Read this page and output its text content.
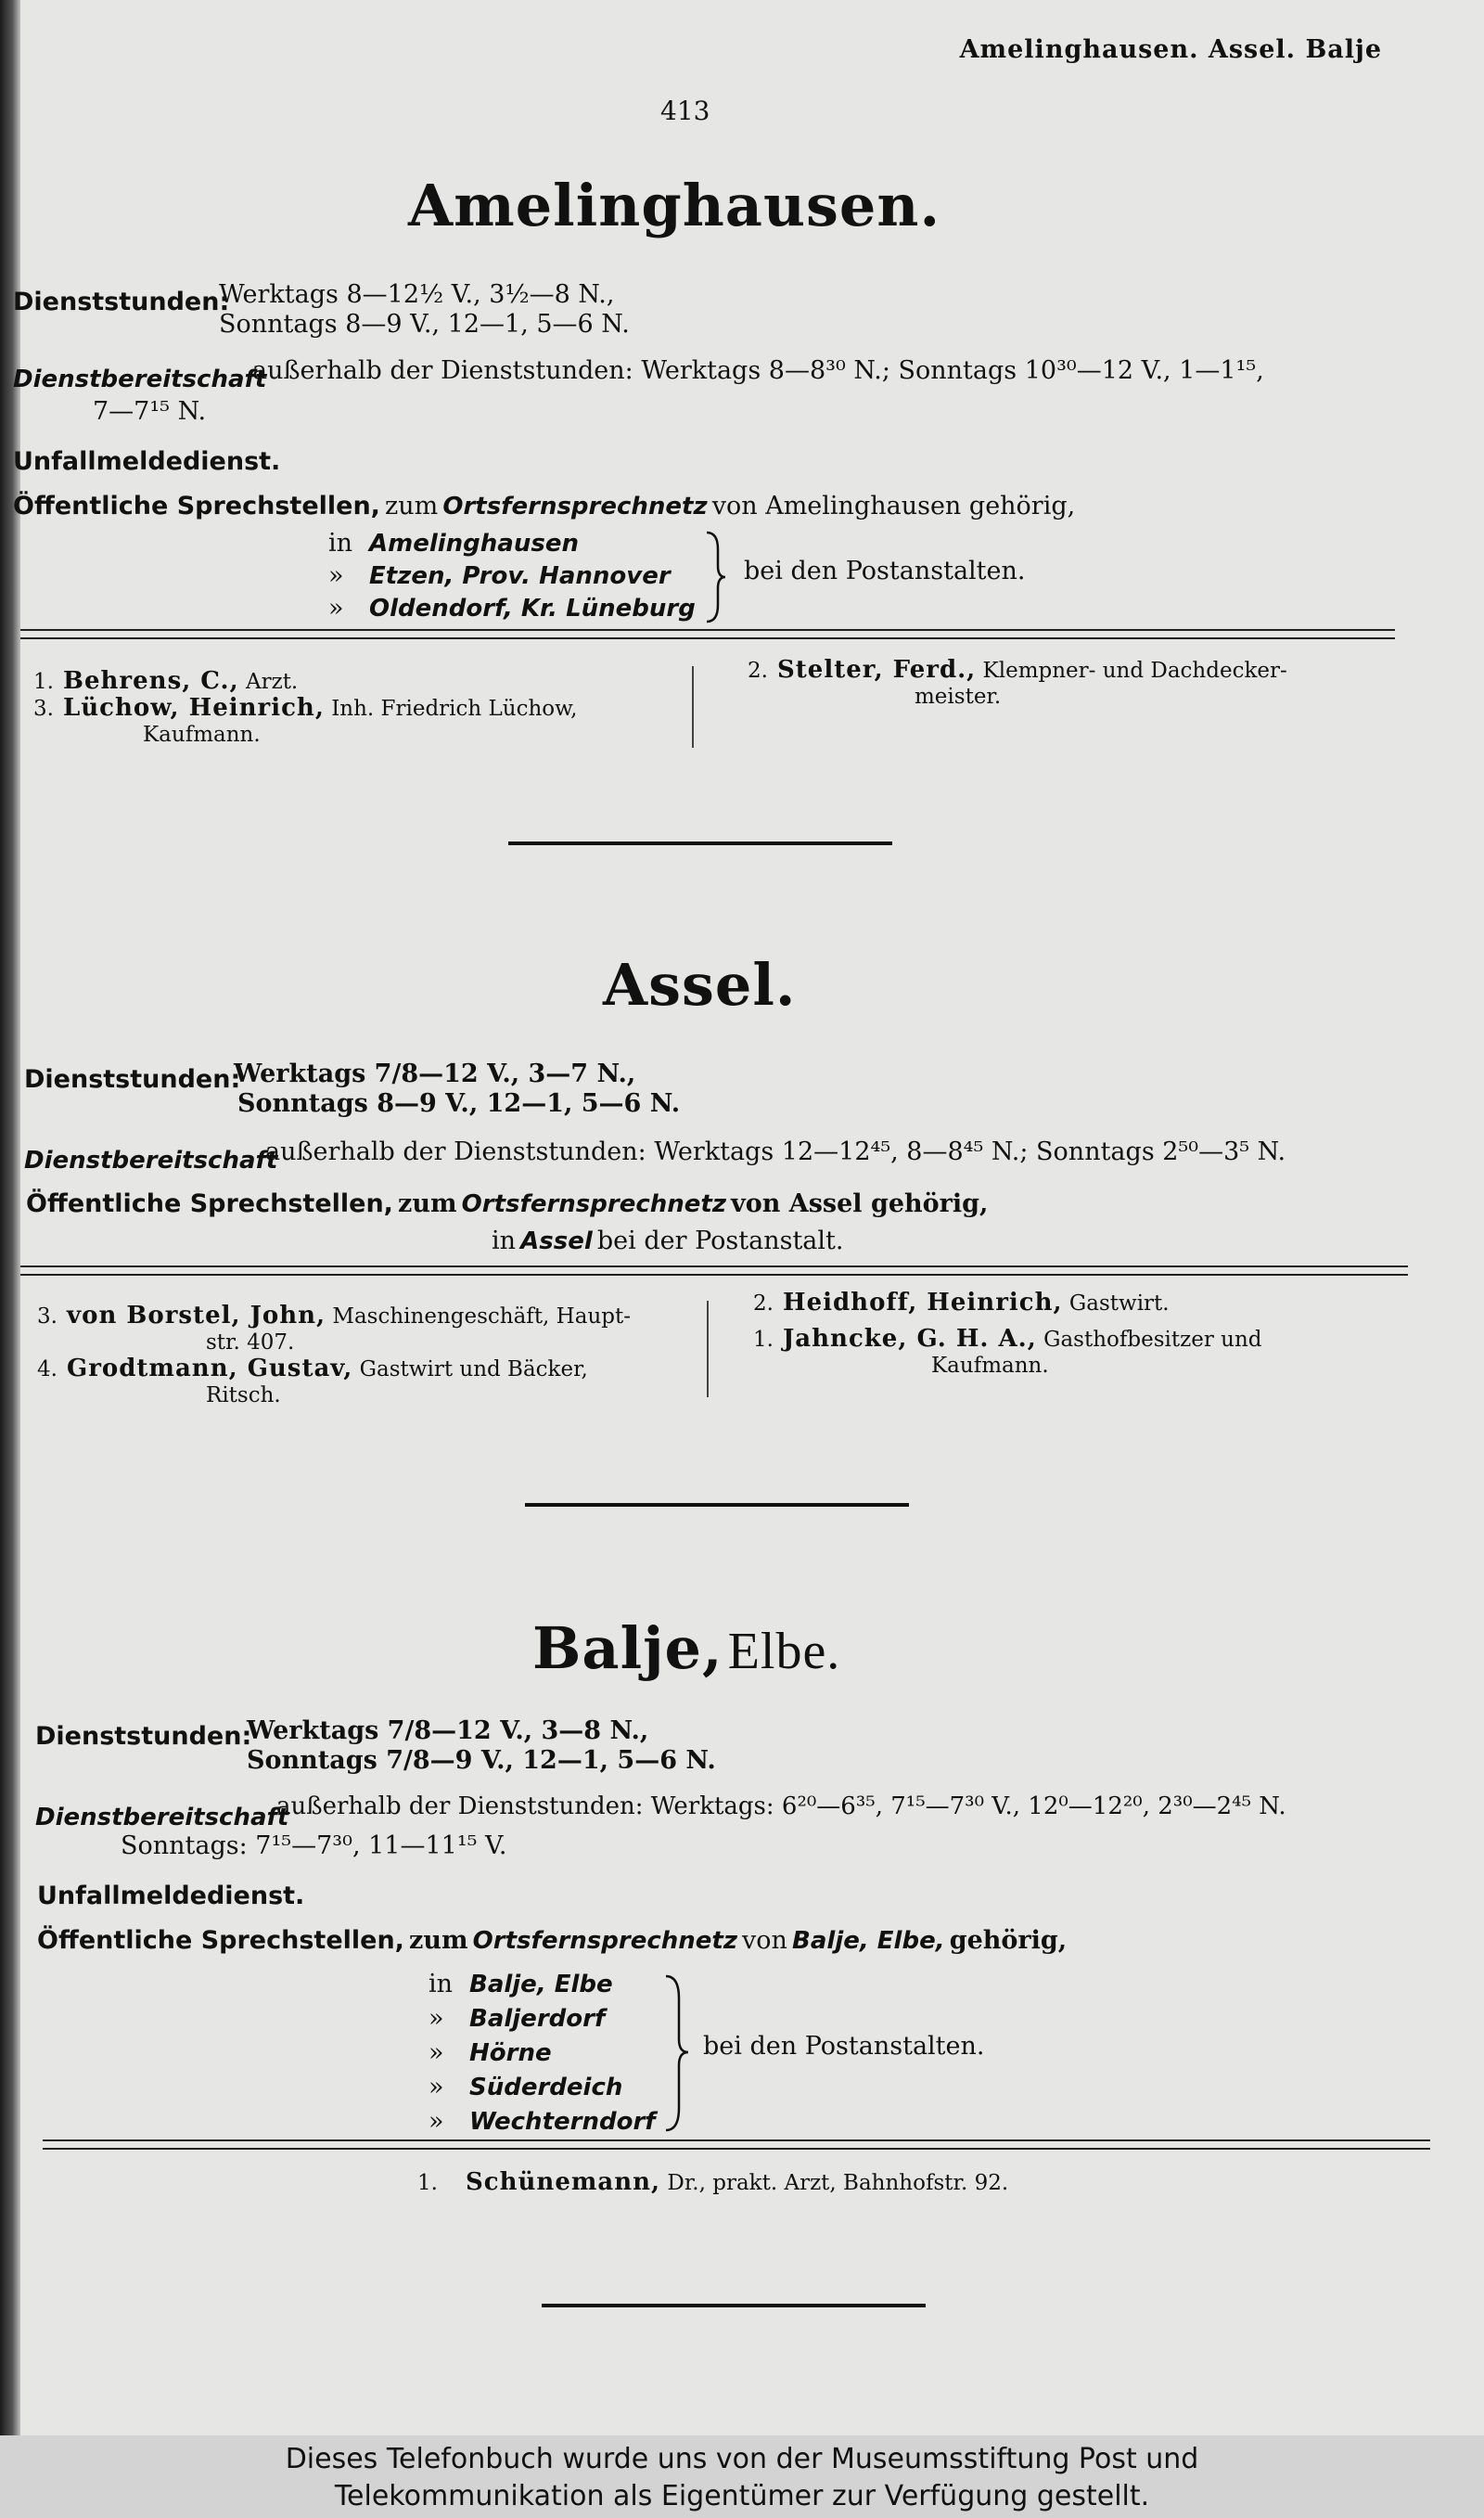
Amelinghausen. Assel. Balje
413
Amelinghausen.
Dienststunden:
Werktags 8—12½ V., 3½—8 N.,
Sonntags 8—9 V., 12—1, 5—6 N.
Dienstbereitschaft
außerhalb der Dienststunden: Werktags 8—8³⁰ N.; Sonntags 10³⁰—12 V., 1—1¹⁵,
7—7¹⁵ N.
Unfallmeldedienst.
Öffentliche Sprechstellen, zum Ortsfernsprechnetz von Amelinghausen gehörig,
in Amelinghausen
» Etzen, Prov. Hannover
» Oldendorf, Kr. Lüneburg
bei den Postanstalten.
1. Behrens, C., Arzt.
3. Lüchow, Heinrich, Inh. Friedrich Lüchow,
Kaufmann.
2. Stelter, Ferd., Klempner- und Dachdecker-
meister.
Assel.
Dienststunden:
Werktags 7/8—12 V., 3—7 N.,
Sonntags 8—9 V., 12—1, 5—6 N.
Dienstbereitschaft
außerhalb der Dienststunden: Werktags 12—12⁴⁵, 8—8⁴⁵ N.; Sonntags 2⁵⁰—3⁵ N.
Öffentliche Sprechstellen, zum Ortsfernsprechnetz von Assel gehörig,
in Assel bei der Postanstalt.
3. von Borstel, John, Maschinengeschäft, Haupt-
str. 407.
4. Grodtmann, Gustav, Gastwirt und Bäcker,
Ritsch.
2. Heidhoff, Heinrich, Gastwirt.
1. Jahncke, G. H. A., Gasthofbesitzer und
Kaufmann.
Balje, Elbe.
Dienststunden:
Werktags 7/8—12 V., 3—8 N.,
Sonntags 7/8—9 V., 12—1, 5—6 N.
Dienstbereitschaft
außerhalb der Dienststunden: Werktags: 6²⁰—6³⁵, 7¹⁵—7³⁰ V., 12⁰—12²⁰, 2³⁰—2⁴⁵ N.
Sonntags: 7¹⁵—7³⁰, 11—11¹⁵ V.
Unfallmeldedienst.
Öffentliche Sprechstellen, zum Ortsfernsprechnetz von Balje, Elbe, gehörig,
in Balje, Elbe
» Baljerdorf
» Hörne
» Süderdeich
» Wechterndorf
bei den Postanstalten.
1. Schünemann, Dr., prakt. Arzt, Bahnhofstr. 92.
Dieses Telefonbuch wurde uns von der Museumsstiftung Post und
Telekommunikation als Eigentümer zur Verfügung gestellt.
